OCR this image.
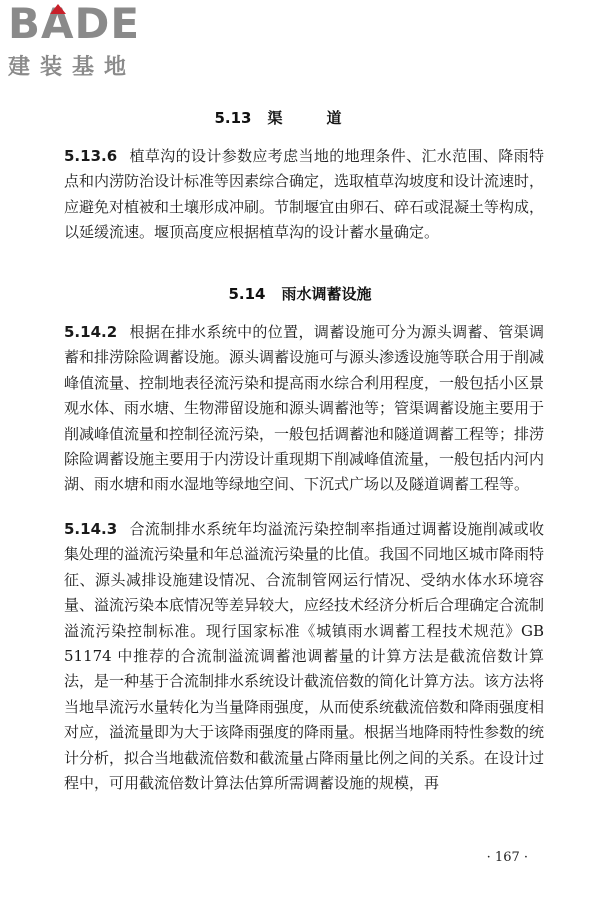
B A D E
建装基地
5.13 渠道
5.13.6 植草沟的设计参数应考虑当地的地理条件、汇水范围、降雨特点和内涝防治设计标准等因素综合确定，选取植草沟坡度和设计流速时，应避免对植被和土壤形成冲刷。节制堰宜由卵石、碎石或混凝土等构成，以延缓流速。堰顶高度应根据植草沟的设计蓄水量确定。
5.14 雨水调蓄设施
5.14.2 根据在排水系统中的位置，调蓄设施可分为源头调蓄、管渠调蓄和排涝除险调蓄设施。源头调蓄设施可与源头渗透设施等联合用于削减峰值流量、控制地表径流污染和提高雨水综合利用程度，一般包括小区景观水体、雨水塘、生物滞留设施和源头调蓄池等；管渠调蓄设施主要用于削减峰值流量和控制径流污染，一般包括调蓄池和隧道调蓄工程等；排涝除险调蓄设施主要用于内涝设计重现期下削减峰值流量，一般包括内河内湖、雨水塘和雨水湿地等绿地空间、下沉式广场以及隧道调蓄工程等。
5.14.3 合流制排水系统年均溢流污染控制率指通过调蓄设施削减或收集处理的溢流污染量和年总溢流污染量的比值。我国不同地区城市降雨特征、源头减排设施建设情况、合流制管网运行情况、受纳水体水环境容量、溢流污染本底情况等差异较大，应经技术经济分析后合理确定合流制溢流污染控制标准。现行国家标准《城镇雨水调蓄工程技术规范》GB 51174 中推荐的合流制溢流调蓄池调蓄量的计算方法是截流倍数计算法，是一种基于合流制排水系统设计截流倍数的简化计算方法。该方法将当地旱流污水量转化为当量降雨强度，从而使系统截流倍数和降雨强度相对应，溢流量即为大于该降雨强度的降雨量。根据当地降雨特性参数的统计分析，拟合当地截流倍数和截流量占降雨量比例之间的关系。在设计过程中，可用截流倍数计算法估算所需调蓄设施的规模，再
· 167 ·
